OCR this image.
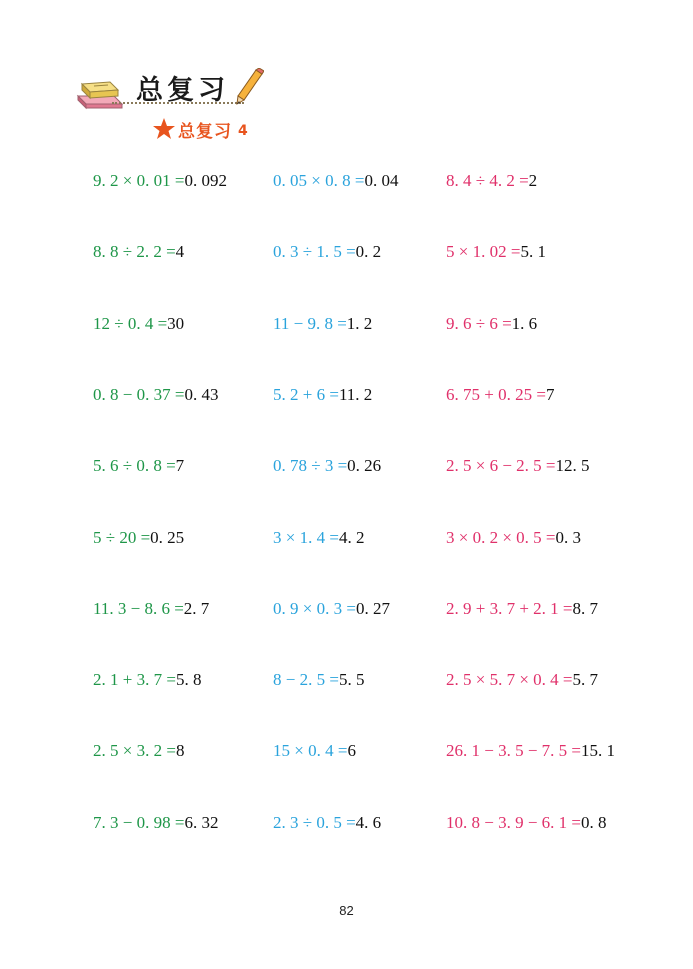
总复习
总复习 4
9. 2 × 0. 01 =0. 092	0. 05 × 0. 8 =0. 04	8. 4 ÷ 4. 2 =2
8. 8 ÷ 2. 2 =4	0. 3 ÷ 1. 5 =0. 2	5 × 1. 02 =5. 1
12 ÷ 0. 4 =30	11 − 9. 8 =1. 2	9. 6 ÷ 6 =1. 6
0. 8 − 0. 37 =0. 43	5. 2 + 6 =11. 2	6. 75 + 0. 25 =7
5. 6 ÷ 0. 8 =7	0. 78 ÷ 3 =0. 26	2. 5 × 6 − 2. 5 =12. 5
5 ÷ 20 =0. 25	3 × 1. 4 =4. 2	3 × 0. 2 × 0. 5 =0. 3
11. 3 − 8. 6 =2. 7	0. 9 × 0. 3 =0. 27	2. 9 + 3. 7 + 2. 1 =8. 7
2. 1 + 3. 7 =5. 8	8 − 2. 5 =5. 5	2. 5 × 5. 7 × 0. 4 =5. 7
2. 5 × 3. 2 =8	15 × 0. 4 =6	26. 1 − 3. 5 − 7. 5 =15. 1
7. 3 − 0. 98 =6. 32	2. 3 ÷ 0. 5 =4. 6	10. 8 − 3. 9 − 6. 1 =0. 8
82
